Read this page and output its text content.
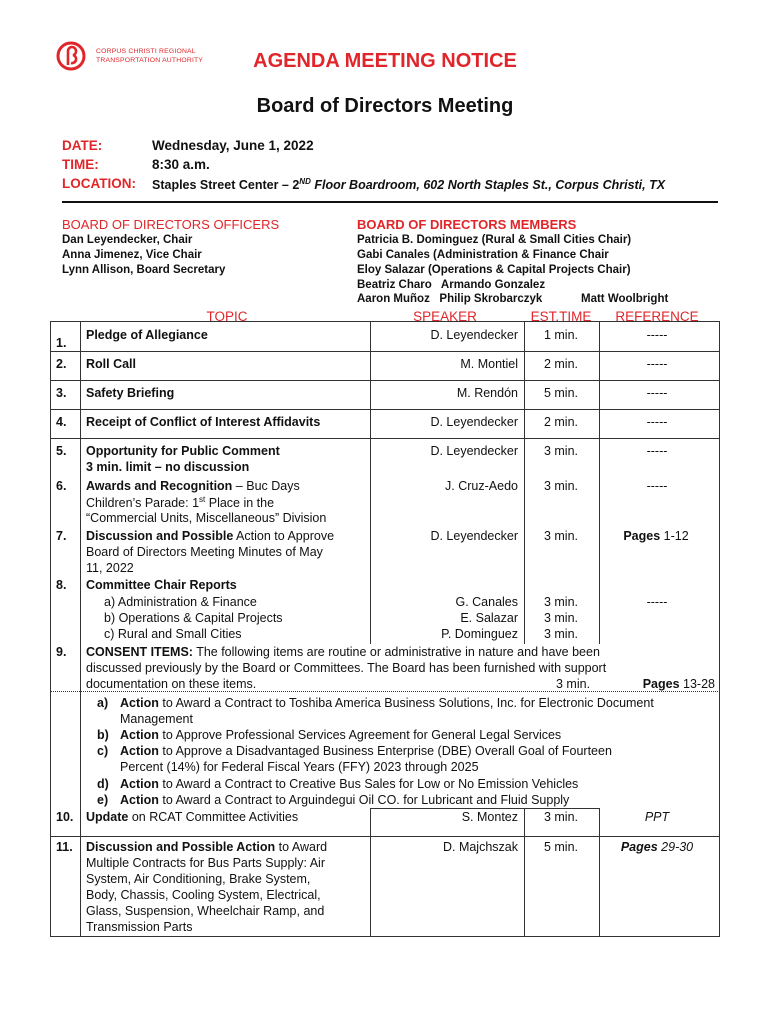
CORPUS CHRISTI REGIONAL
TRANSPORTATION AUTHORITY	AGENDA MEETING NOTICE
Board of Directors Meeting
DATE:	Wednesday, June 1, 2022
TIME:	8:30 a.m.
LOCATION: Staples Street Center – 2ND Floor Boardroom, 602 North Staples St., Corpus Christi, TX
BOARD OF DIRECTORS OFFICERS
Dan Leyendecker, Chair
Anna Jimenez, Vice Chair
Lynn Allison, Board Secretary
BOARD OF DIRECTORS MEMBERS
Patricia B. Dominguez (Rural & Small Cities Chair)
Gabi Canales (Administration & Finance Chair
Eloy Salazar (Operations & Capital Projects Chair)
Beatriz Charo   Armando Gonzalez
Aaron Muñoz   Philip Skrobarczyk	Matt Woolbright
TOPIC	SPEAKER	EST.TIME	REFERENCE
1.
Pledge of Allegiance	D. Leyendecker	1 min.	-----
2. Roll Call	M. Montiel	2 min.	-----
3. Safety Briefing	M. Rendón	5 min.	-----
4. Receipt of Conflict of Interest Affidavits	D. Leyendecker	2 min.	-----
5. Opportunity for Public Comment
3 min. limit – no discussion
D. Leyendecker	3 min.	-----
6. Awards and Recognition – Buc Days
Children’s Parade: 1st Place in the
“Commercial Units, Miscellaneous” Division
J. Cruz-Aedo	3 min.	-----
7. Discussion and Possible Action to Approve
Board of Directors Meeting Minutes of May
11, 2022
D. Leyendecker	3 min.	Pages 1-12
8. Committee Chair Reports
a) Administration & Finance	G. Canales	3 min.	-----
b) Operations & Capital Projects	E. Salazar	3 min.
c) Rural and Small Cities	P. Dominguez	3 min.
9. CONSENT ITEMS: The following items are routine or administrative in nature and have been
discussed previously by the Board or Committees. The Board has been furnished with support
documentation on these items.	3 min.	Pages 13-28
a) Action to Award a Contract to Toshiba America Business Solutions, Inc. for Electronic Document
Management
b) Action to Approve Professional Services Agreement for General Legal Services
c) Action to Approve a Disadvantaged Business Enterprise (DBE) Overall Goal of Fourteen
Percent (14%) for Federal Fiscal Years (FFY) 2023 through 2025
d) Action to Award a Contract to Creative Bus Sales for Low or No Emission Vehicles
e) Action to Award a Contract to Arguindegui Oil CO. for Lubricant and Fluid Supply
10. Update on RCAT Committee Activities	S. Montez	3 min.	PPT
11. Discussion and Possible Action to Award
Multiple Contracts for Bus Parts Supply: Air
System, Air Conditioning, Brake System,
Body, Chassis, Cooling System, Electrical,
Glass, Suspension, Wheelchair Ramp, and
Transmission Parts
D. Majchszak	5 min.	Pages 29-30
